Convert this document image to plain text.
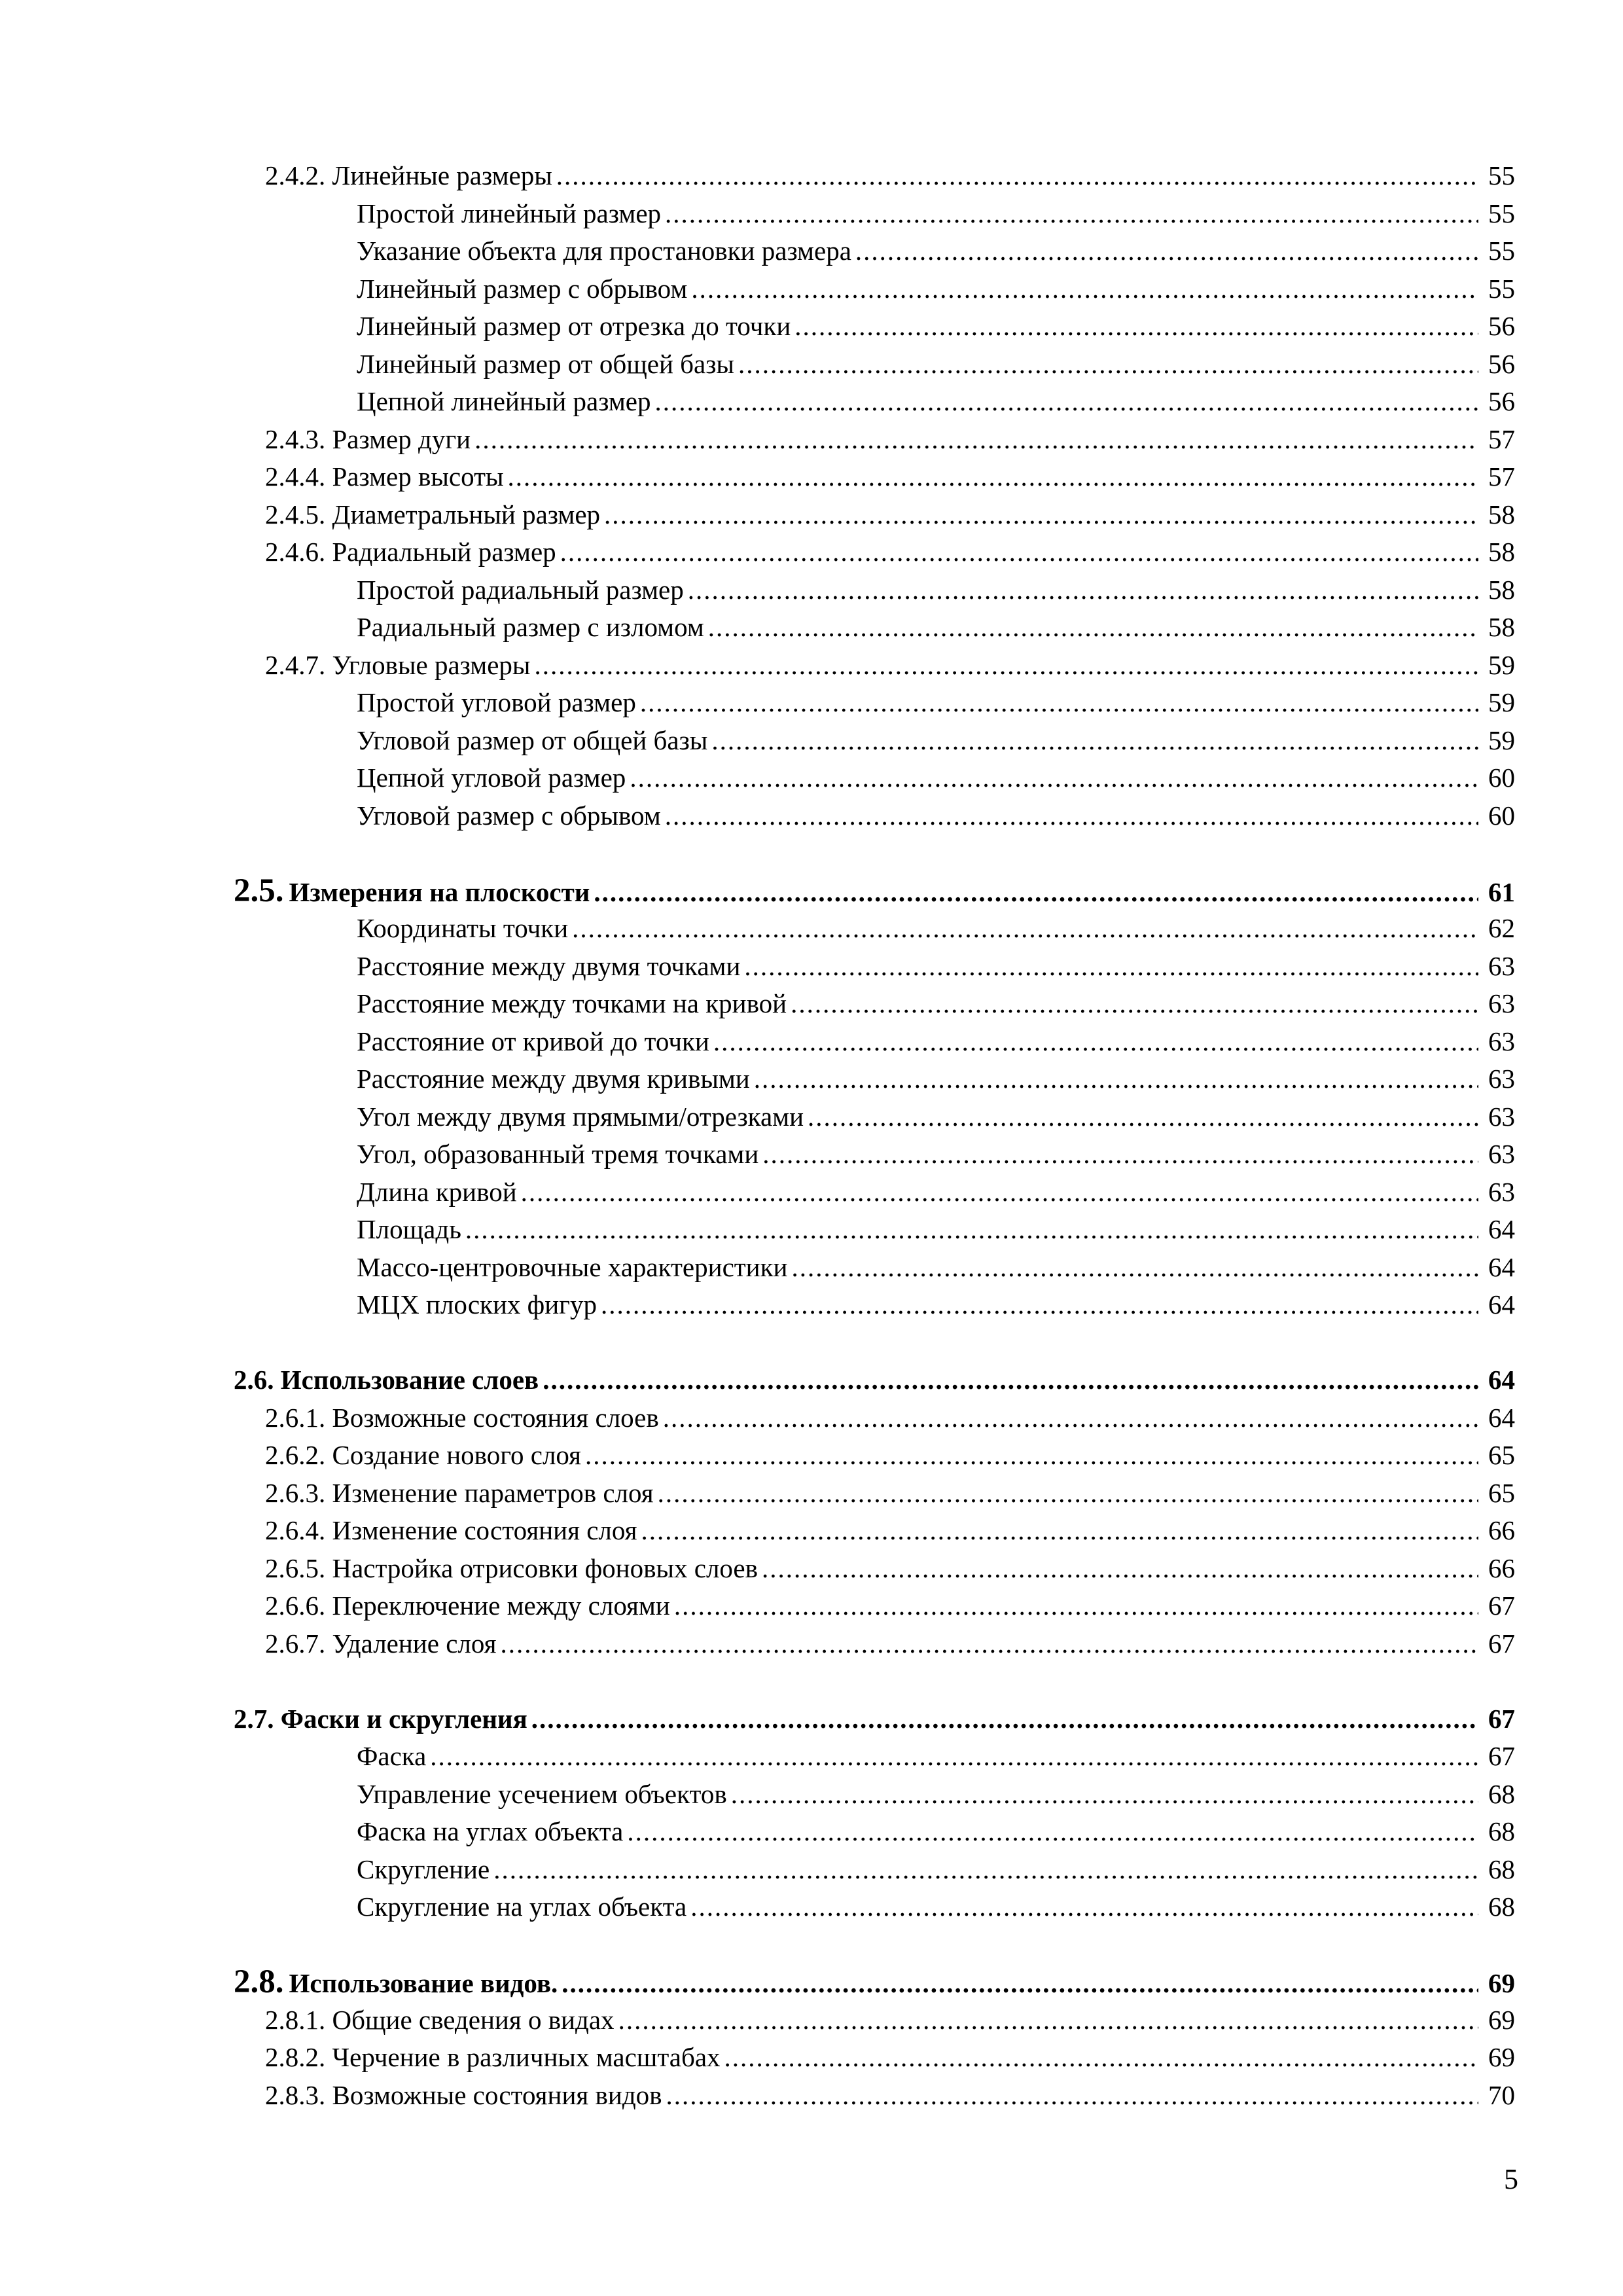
2.4.2. Линейные размеры .....	55
Простой линейный размер .....	55
Указание объекта для простановки размера .....	55
Линейный размер с обрывом .....	55
Линейный размер от отрезка до точки .....	56
Линейный размер от общей базы .....	56
Цепной линейный размер .....	56
2.4.3. Размер дуги .....	57
2.4.4. Размер высоты .....	57
2.4.5. Диаметральный размер .....	58
2.4.6. Радиальный размер .....	58
Простой радиальный размер .....	58
Радиальный размер с изломом .....	58
2.4.7. Угловые размеры .....	59
Простой угловой размер .....	59
Угловой размер от общей базы .....	59
Цепной угловой размер .....	60
Угловой размер с обрывом .....	60
2.5. Измерения на плоскости .....	61
Координаты точки .....	62
Расстояние между двумя точками .....	63
Расстояние между точками на кривой .....	63
Расстояние от кривой до точки .....	63
Расстояние между двумя кривыми .....	63
Угол между двумя прямыми/отрезками .....	63
Угол, образованный тремя точками .....	63
Длина кривой .....	63
Площадь .....	64
Массо-центровочные характеристики .....	64
МЦХ плоских фигур .....	64
2.6. Использование слоев .....	64
2.6.1. Возможные состояния слоев .....	64
2.6.2. Создание нового слоя .....	65
2.6.3. Изменение параметров слоя .....	65
2.6.4. Изменение состояния слоя .....	66
2.6.5. Настройка отрисовки фоновых слоев .....	66
2.6.6. Переключение между слоями .....	67
2.6.7. Удаление слоя .....	67
2.7. Фаски и скругления .....	67
Фаска .....	67
Управление усечением объектов .....	68
Фаска на углах объекта .....	68
Скругление .....	68
Скругление на углах объекта .....	68
2.8. Использование видов. .....	69
2.8.1. Общие сведения о видах .....	69
2.8.2. Черчение в различных масштабах .....	69
2.8.3. Возможные состояния видов .....	70
5
